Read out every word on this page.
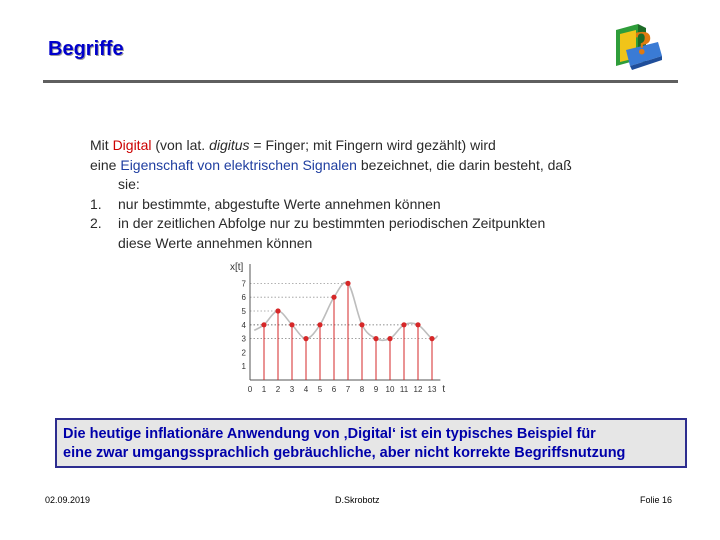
Begriffe	?

Mit Digital (von lat. digitus = Finger; mit Fingern wird gezählt) wird

eine Eigenschaft von elektrischen Signalen bezeichnet, die darin besteht, daß

sie:

1. nur bestimmte, abgestufte Werte annehmen können

2. in der zeitlichen Abfolge nur zu bestimmten periodischen Zeitpunkten

diese Werte annehmen können

1
2
3
4
5
6
7
0 1 2 3 4 5 6 7 8 9 10 11 12 13
x[t]
t
Die heutige inflationäre Anwendung von ‚Digital‘ ist ein typisches Beispiel für
eine zwar umgangssprachlich gebräuchliche, aber nicht korrekte Begriffsnutzung
02.09.2019	D.Skrobotz	Folie 16
